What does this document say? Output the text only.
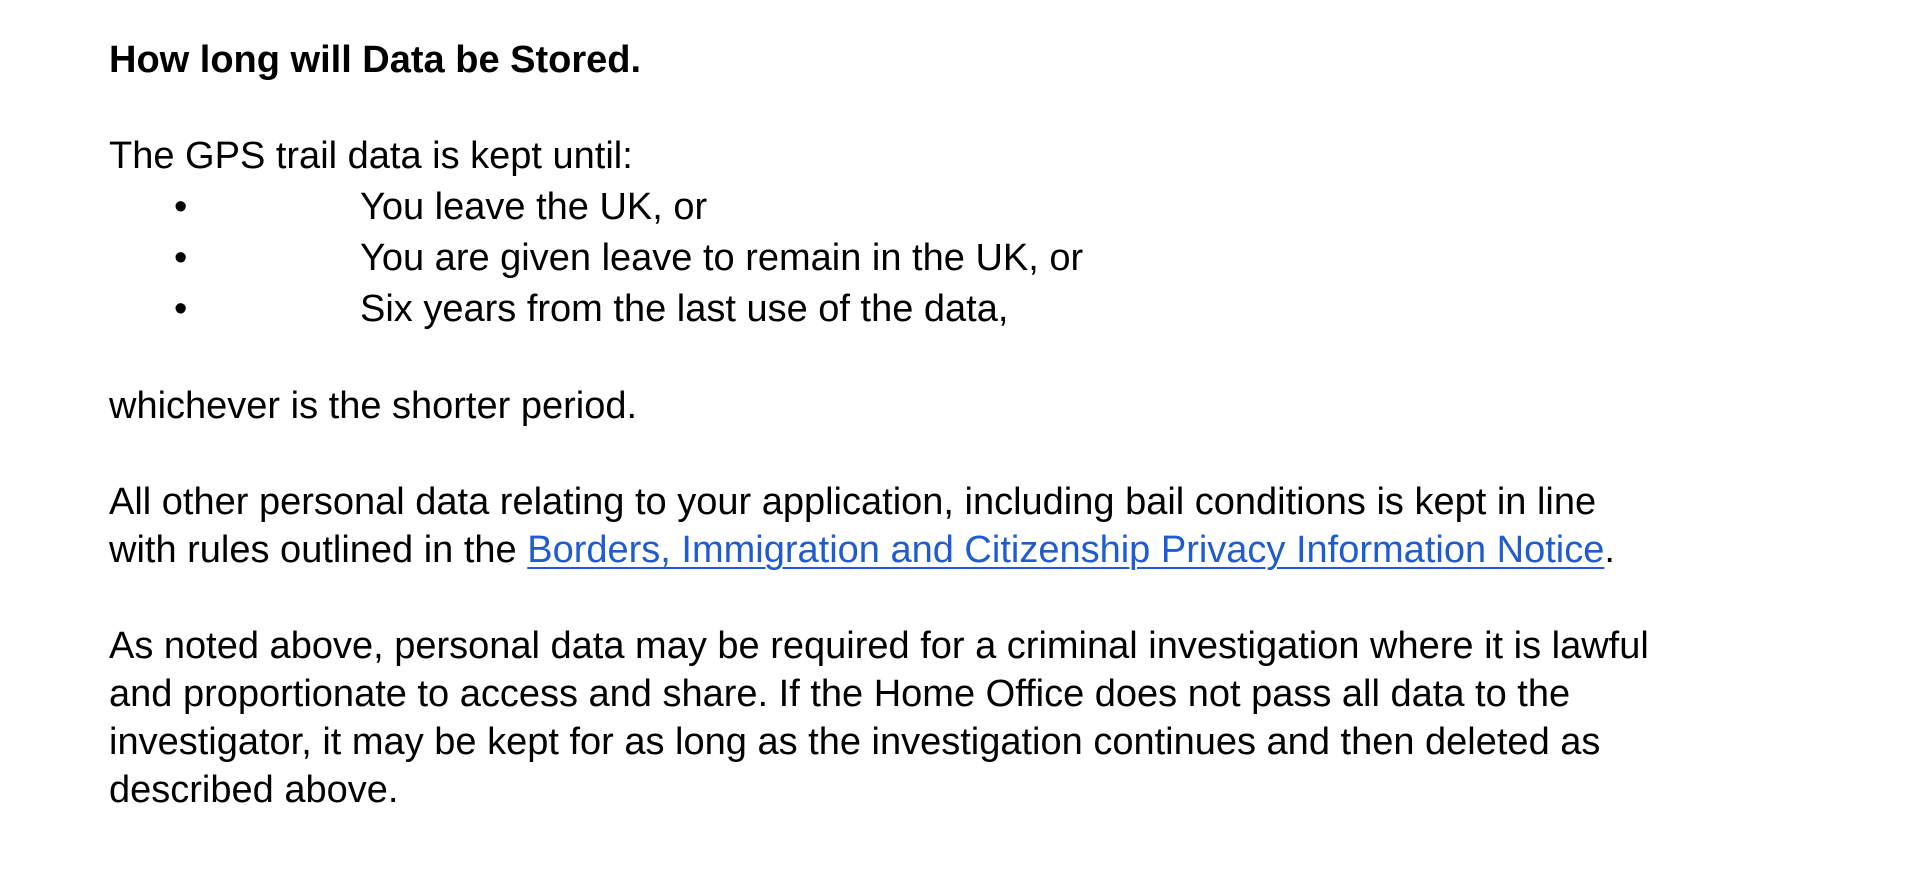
How long will Data be Stored.

The GPS trail data is kept until:

•	You leave the UK, or
•	You are given leave to remain in the UK, or
•	Six years from the last use of the data,

whichever is the shorter period.

All other personal data relating to your application, including bail conditions is kept in line
with rules outlined in the Borders, Immigration and Citizenship Privacy Information Notice.

As noted above, personal data may be required for a criminal investigation where it is lawful
and proportionate to access and share. If the Home Office does not pass all data to the
investigator, it may be kept for as long as the investigation continues and then deleted as
described above.
